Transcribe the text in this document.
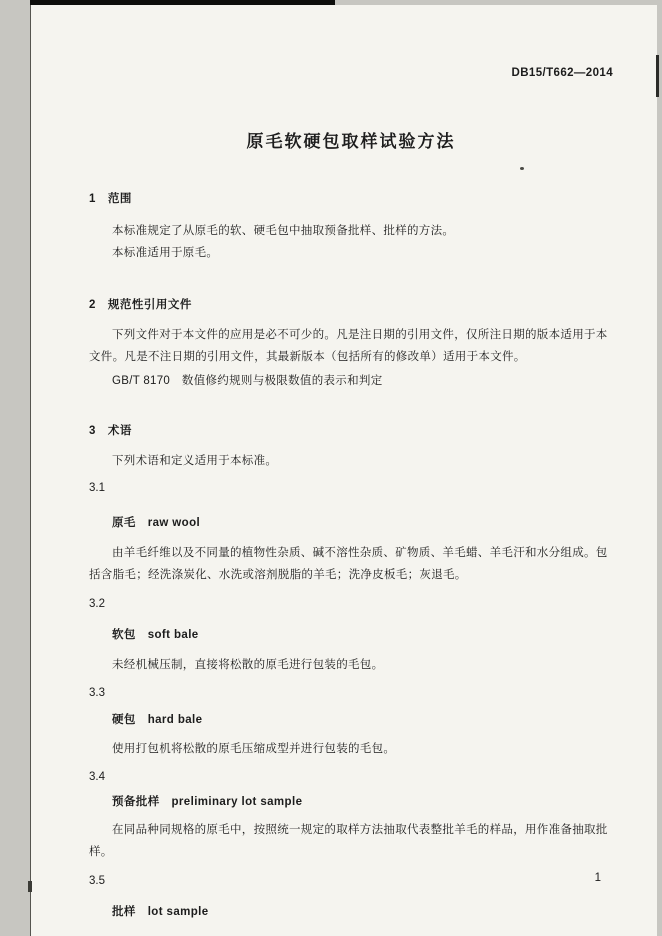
DB15/T662—2014
原毛软硬包取样试验方法
1　范围

本标准规定了从原毛的软、硬毛包中抽取预备批样、批样的方法。

本标准适用于原毛。

2　规范性引用文件

下列文件对于本文件的应用是必不可少的。凡是注日期的引用文件，仅所注日期的版本适用于本文件。凡是不注日期的引用文件，其最新版本（包括所有的修改单）适用于本文件。

GB/T 8170　数值修约规则与极限数值的表示和判定

3　术语

下列术语和定义适用于本标准。

3.1
原毛　raw wool

由羊毛纤维以及不同量的植物性杂质、碱不溶性杂质、矿物质、羊毛蜡、羊毛汗和水分组成。包括含脂毛；经洗涤炭化、水洗或溶剂脱脂的羊毛；洗净皮板毛；灰退毛。

3.2
软包　soft bale

未经机械压制，直接将松散的原毛进行包装的毛包。

3.3
硬包　hard bale

使用打包机将松散的原毛压缩成型并进行包装的毛包。

3.4
预备批样　preliminary lot sample

在同品种同规格的原毛中，按照统一规定的取样方法抽取代表整批羊毛的样品，用作准备抽取批样。

3.5
批样　lot sample
1
